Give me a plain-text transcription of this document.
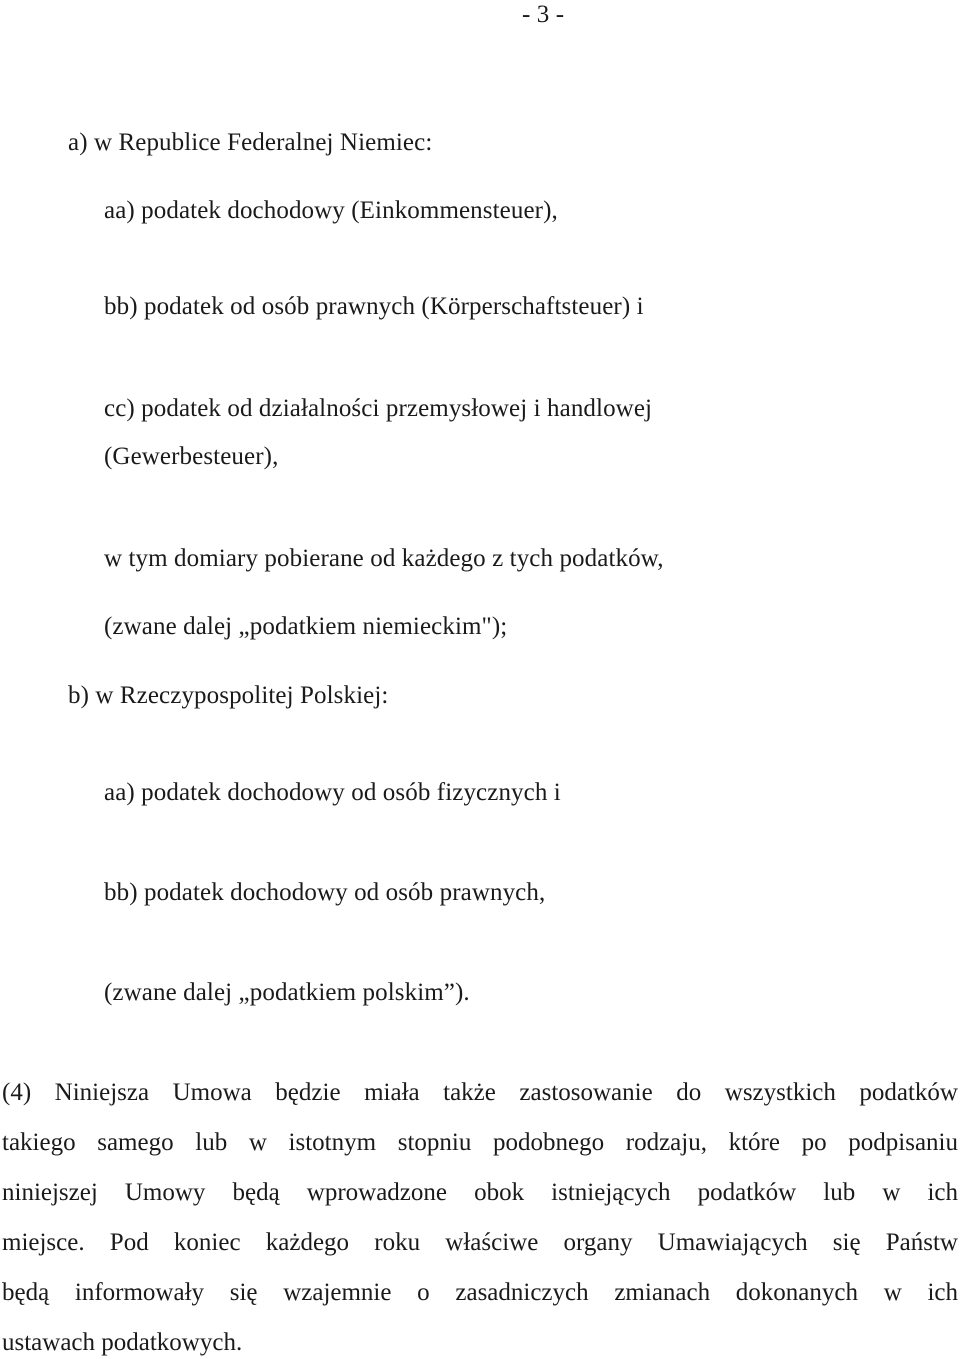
- 3 -
a) w Republice Federalnej Niemiec:
aa) podatek dochodowy (Einkommensteuer),
bb) podatek od osób prawnych (Körperschaftsteuer) i
cc) podatek od działalności przemysłowej i handlowej
(Gewerbesteuer),
w tym domiary pobierane od każdego z tych podatków,
(zwane dalej „podatkiem niemieckim");
b) w Rzeczypospolitej Polskiej:
aa) podatek dochodowy od osób fizycznych i
bb) podatek dochodowy od osób prawnych,
(zwane dalej „podatkiem polskim”).
(4) Niniejsza Umowa będzie miała także zastosowanie do wszystkich podatków
takiego samego lub w istotnym stopniu podobnego rodzaju, które po podpisaniu
niniejszej Umowy będą wprowadzone obok istniejących podatków lub w ich
miejsce. Pod koniec każdego roku właściwe organy Umawiających się Państw
będą informowały się wzajemnie o zasadniczych zmianach dokonanych w ich
ustawach podatkowych.
